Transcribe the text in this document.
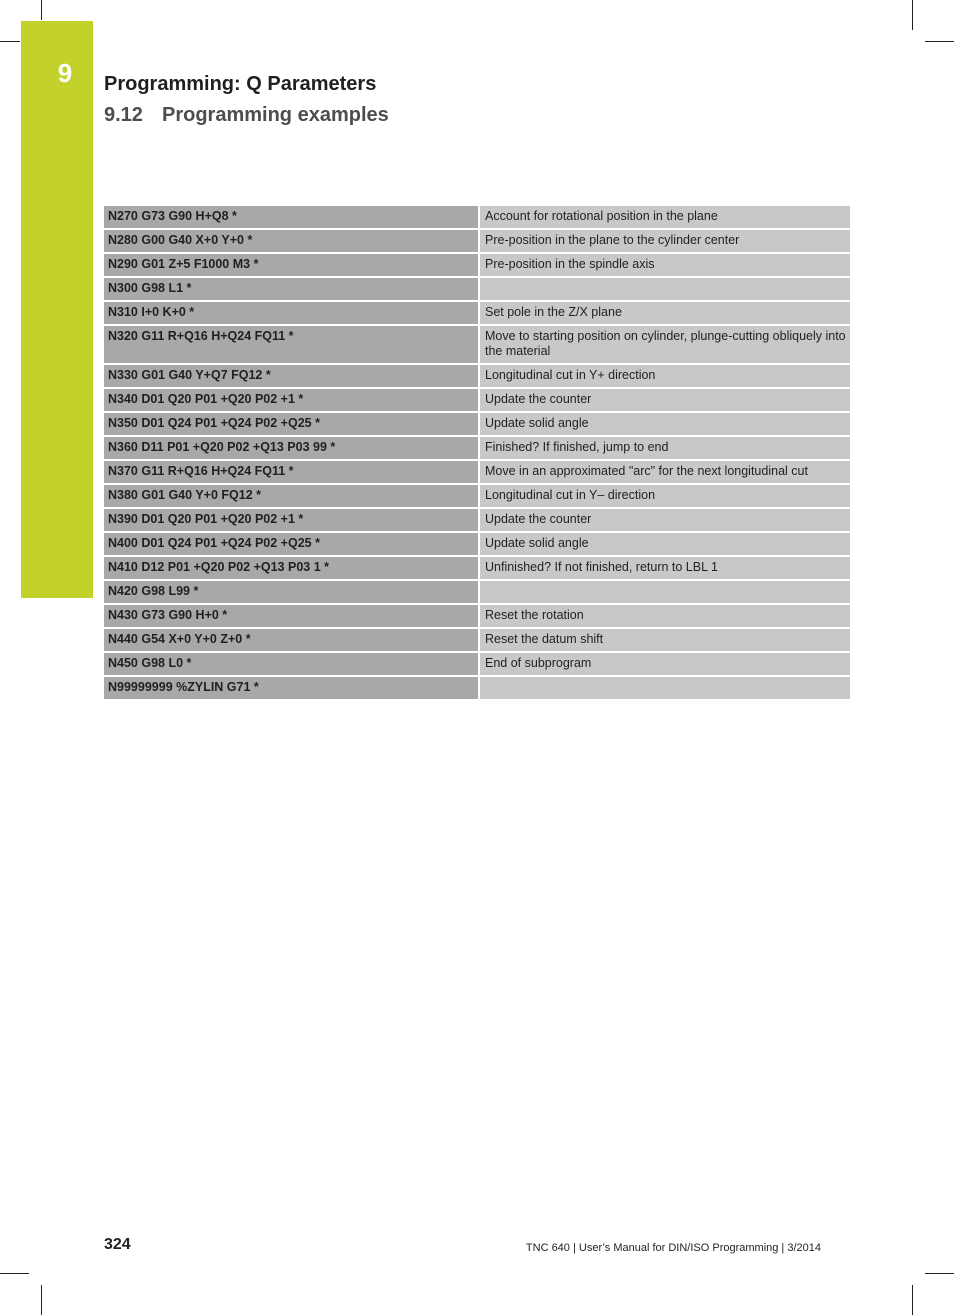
9	Programming: Q Parameters
9.12 Programming examples
N270 G73 G90 H+Q8 *	Account for rotational position in the plane
N280 G00 G40 X+0 Y+0 *	Pre-position in the plane to the cylinder center
N290 G01 Z+5 F1000 M3 *	Pre-position in the spindle axis
N300 G98 L1 *	
N310 I+0 K+0 *	Set pole in the Z/X plane
N320 G11 R+Q16 H+Q24 FQ11 *	Move to starting position on cylinder, plunge-cutting obliquely into the material
N330 G01 G40 Y+Q7 FQ12 *	Longitudinal cut in Y+ direction
N340 D01 Q20 P01 +Q20 P02 +1 *	Update the counter
N350 D01 Q24 P01 +Q24 P02 +Q25 *	Update solid angle
N360 D11 P01 +Q20 P02 +Q13 P03 99 *	Finished? If finished, jump to end
N370 G11 R+Q16 H+Q24 FQ11 *	Move in an approximated "arc" for the next longitudinal cut
N380 G01 G40 Y+0 FQ12 *	Longitudinal cut in Y– direction
N390 D01 Q20 P01 +Q20 P02 +1 *	Update the counter
N400 D01 Q24 P01 +Q24 P02 +Q25 *	Update solid angle
N410 D12 P01 +Q20 P02 +Q13 P03 1 *	Unfinished? If not finished, return to LBL 1
N420 G98 L99 *	
N430 G73 G90 H+0 *	Reset the rotation
N440 G54 X+0 Y+0 Z+0 *	Reset the datum shift
N450 G98 L0 *	End of subprogram
N99999999 %ZYLIN G71 *	
324	TNC 640 | User’s Manual for DIN/ISO Programming | 3/2014
